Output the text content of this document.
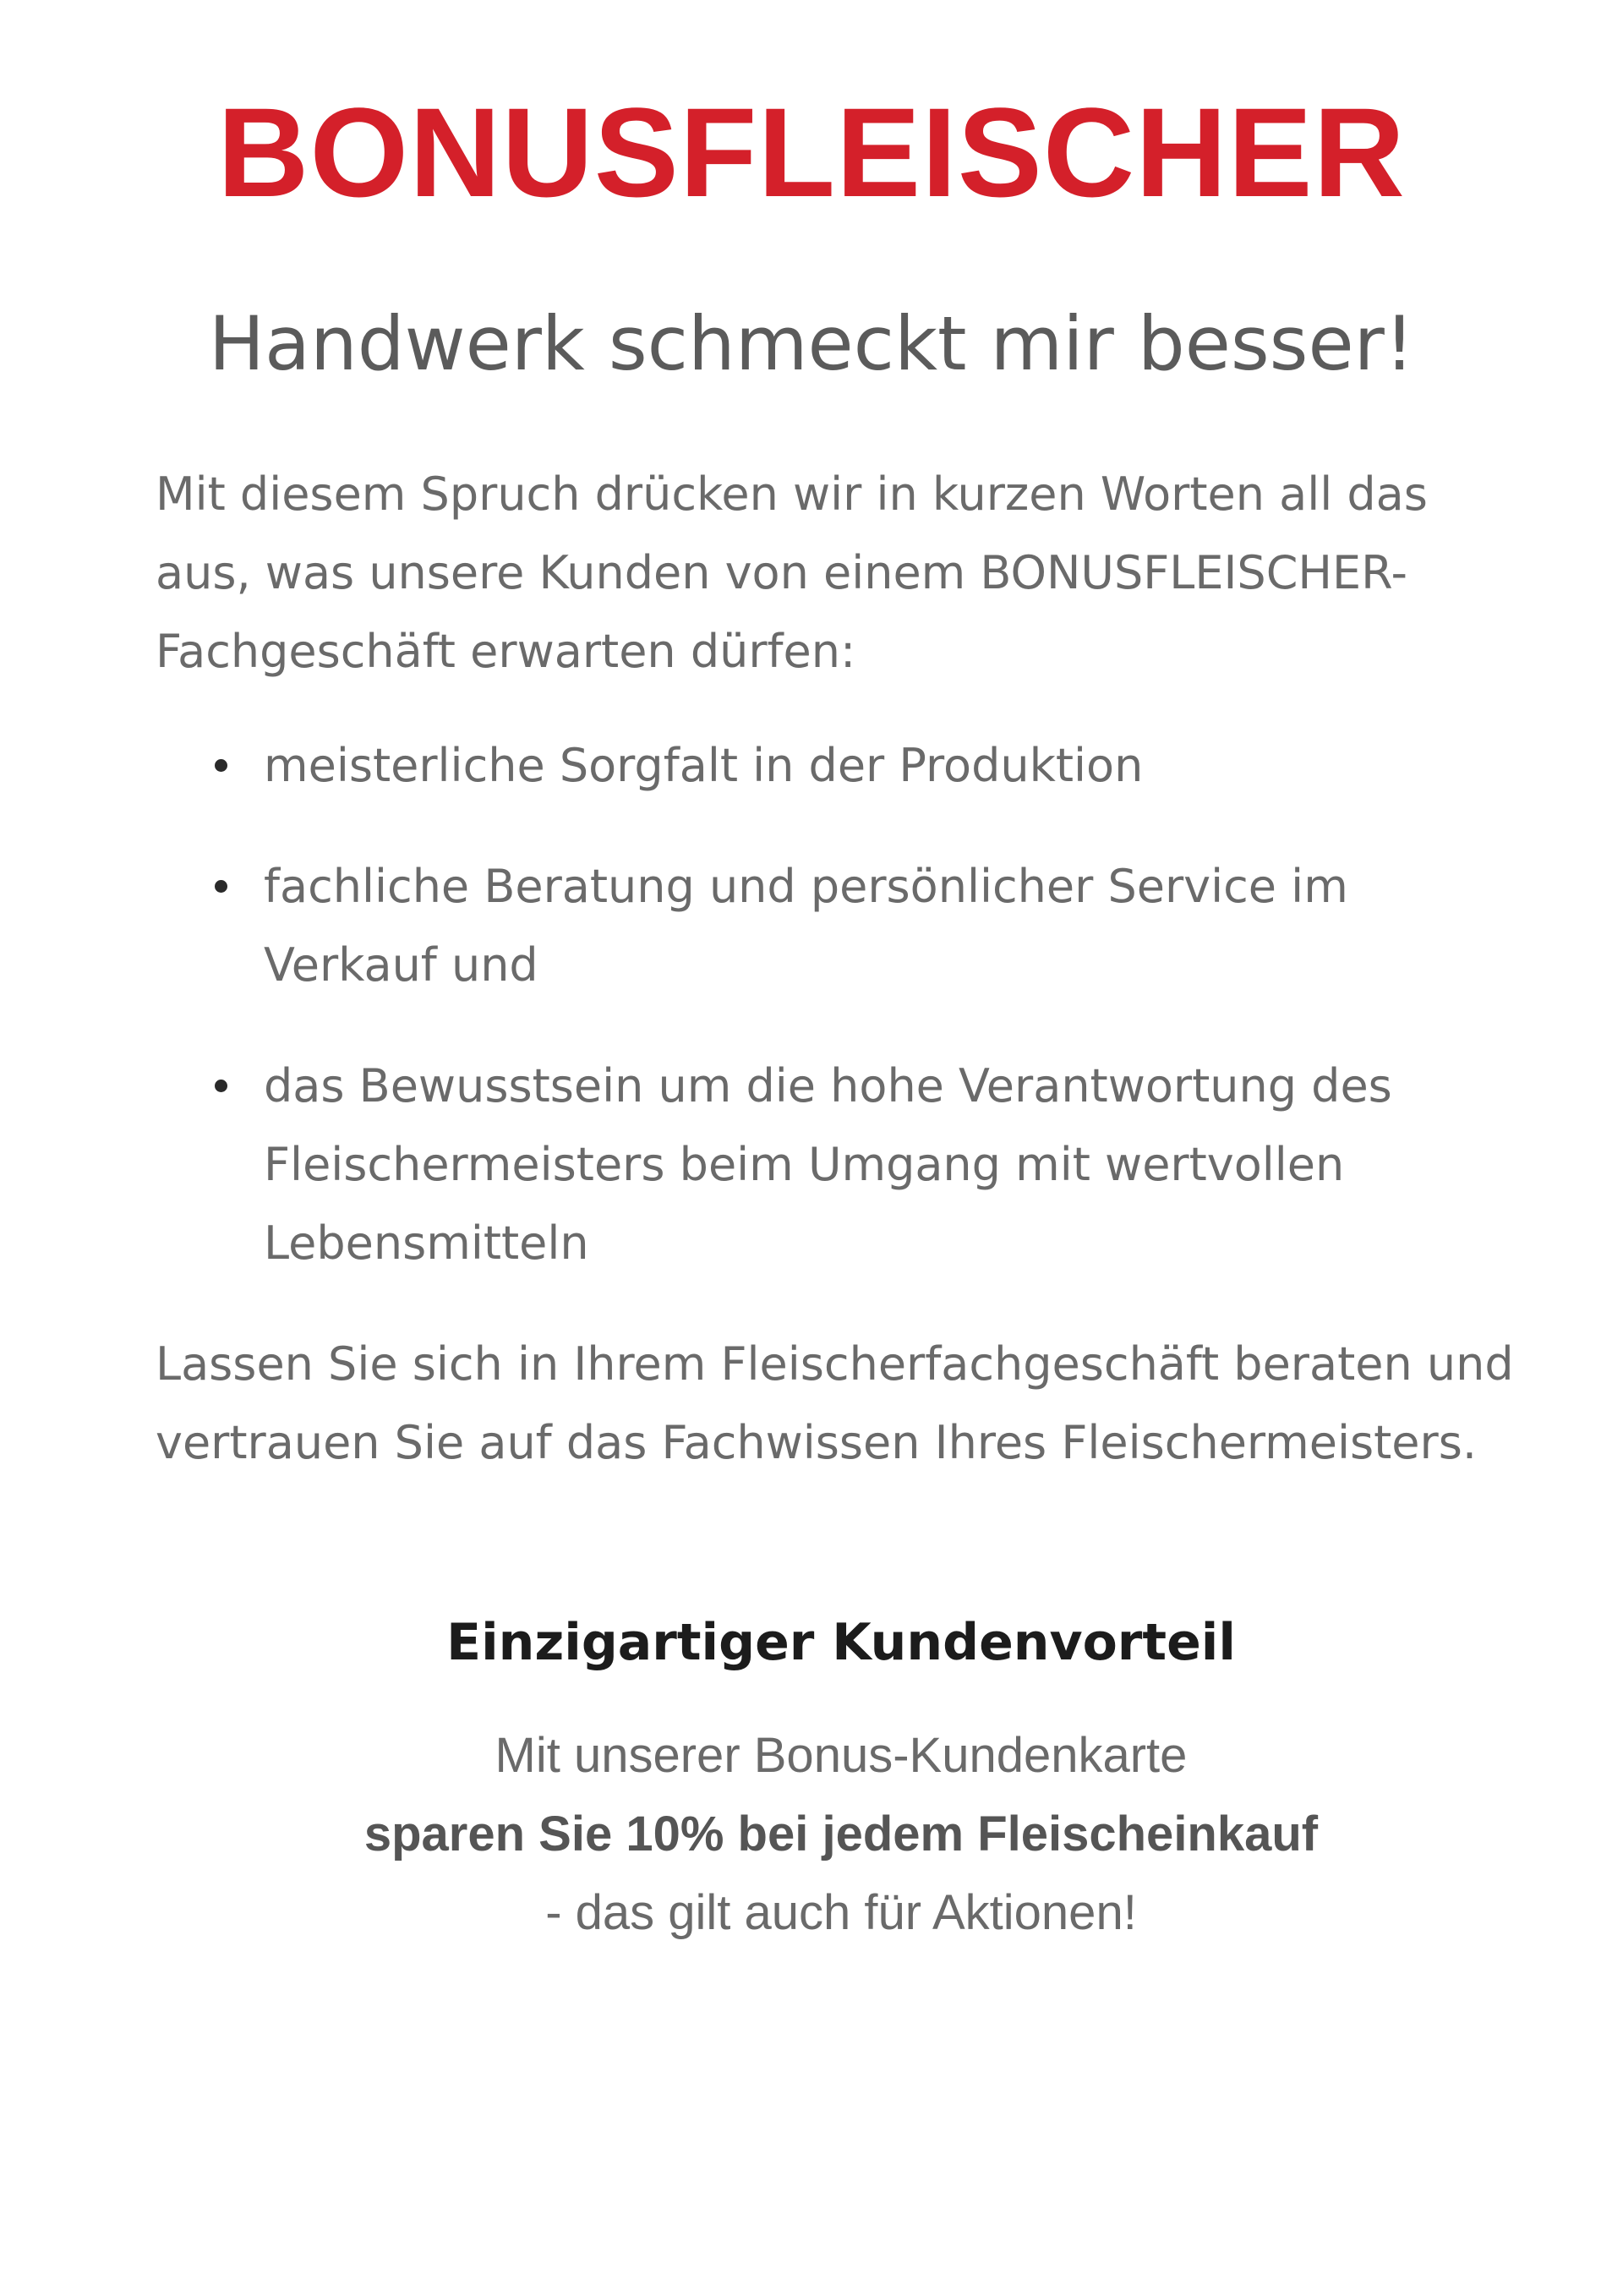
BONUSFLEISCHER
Handwerk schmeckt mir besser!

Mit diesem Spruch drücken wir in kurzen Worten all das aus, was unsere Kunden von einem BONUSFLEISCHER-Fachgeschäft erwarten dürfen:

meisterliche Sorgfalt in der Produktion
fachliche Beratung und persönlicher Service im Verkauf und
das Bewusstsein um die hohe Verantwortung des Fleischermeisters beim Umgang mit wertvollen Lebensmitteln

Lassen Sie sich in Ihrem Fleischerfachgeschäft beraten und vertrauen Sie auf das Fachwissen Ihres Fleischermeisters.

Einzigartiger Kundenvorteil
Mit unserer Bonus-Kundenkarte
sparen Sie 10% bei jedem Fleischeinkauf
- das gilt auch für Aktionen!
